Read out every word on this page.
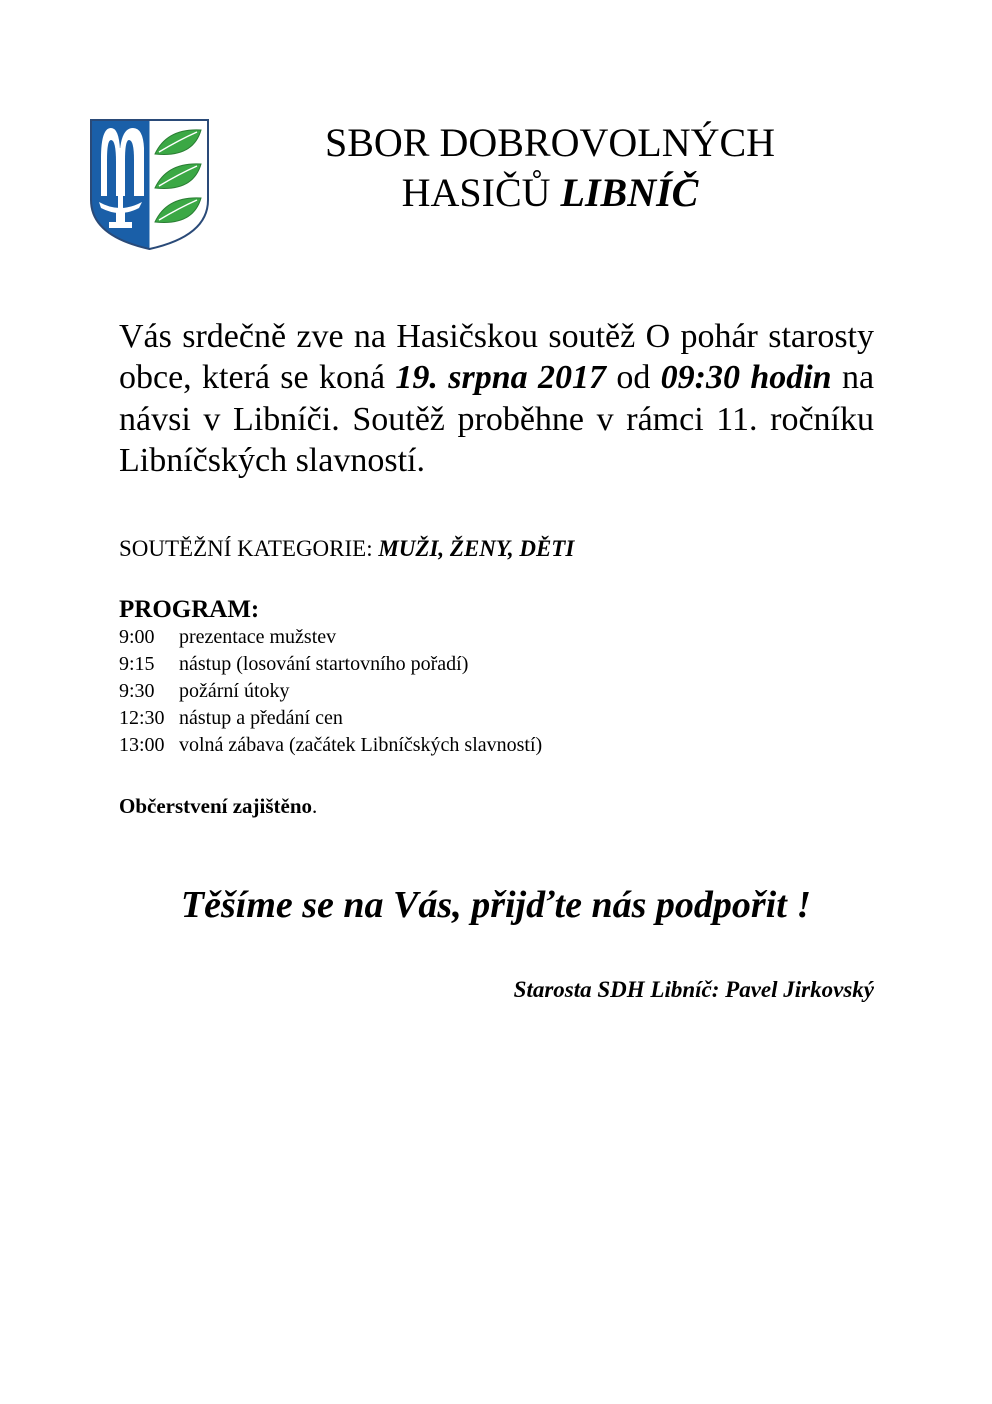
SBOR DOBROVOLNÝCH
HASIČŮ LIBNÍČ
Vás srdečně zve na Hasičskou soutěž O pohár starosty obce, která se koná 19. srpna 2017 od 09:30 hodin na návsi v Libníči. Soutěž proběhne v rámci 11. ročníku Libníčských slavností.
SOUTĚŽNÍ KATEGORIE: MUŽI, ŽENY, DĚTI
PROGRAM:
9:00 prezentace mužstev
9:15 nástup (losování startovního pořadí)
9:30 požární útoky
12:30 nástup a předání cen
13:00 volná zábava (začátek Libníčských slavností)
Občerstvení zajištěno.
Těšíme se na Vás, přijďte nás podpořit !
Starosta SDH Libníč: Pavel Jirkovský
